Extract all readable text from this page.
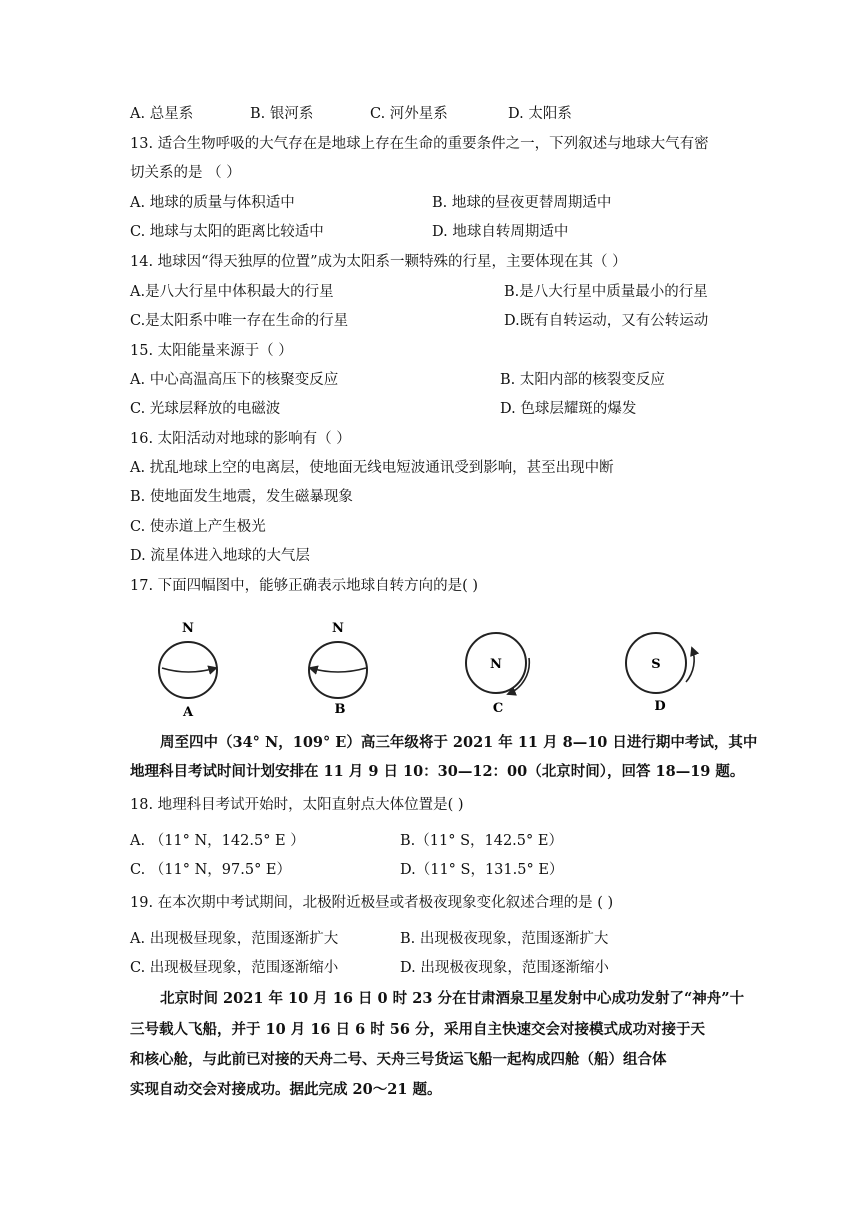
A. 总星系	B. 银河系	C. 河外星系	D. 太阳系
13. 适合生物呼吸的大气存在是地球上存在生命的重要条件之一，下列叙述与地球大气有密
切关系的是 （ ）
A. 地球的质量与体积适中	B. 地球的昼夜更替周期适中
C. 地球与太阳的距离比较适中	D. 地球自转周期适中
14. 地球因“得天独厚的位置”成为太阳系一颗特殊的行星，主要体现在其（ ）
A.是八大行星中体积最大的行星	B.是八大行星中质量最小的行星
C.是太阳系中唯一存在生命的行星	D.既有自转运动，又有公转运动
15. 太阳能量来源于（ ）
A. 中心高温高压下的核聚变反应	B. 太阳内部的核裂变反应
C. 光球层释放的电磁波	D. 色球层耀斑的爆发
16. 太阳活动对地球的影响有（ ）
A. 扰乱地球上空的电离层，使地面无线电短波通讯受到影响，甚至出现中断
B. 使地面发生地震，发生磁暴现象
C. 使赤道上产生极光
D. 流星体进入地球的大气层
17. 下面四幅图中，能够正确表示地球自转方向的是( )
N
A
N
B
N
C
S
D
周至四中（34° N，109° E）高三年级将于 2021 年 11 月 8—10 日进行期中考试，其中
地理科目考试时间计划安排在 11 月 9 日 10：30—12：00（北京时间），回答 18—19 题。
18. 地理科目考试开始时，太阳直射点大体位置是( )
A. （11° N，142.5° E ）	B.（11° S，142.5° E）
C. （11° N，97.5° E）	D.（11° S，131.5° E）
19. 在本次期中考试期间，北极附近极昼或者极夜现象变化叙述合理的是 ( )
A. 出现极昼现象，范围逐渐扩大	B. 出现极夜现象，范围逐渐扩大
C. 出现极昼现象，范围逐渐缩小	D. 出现极夜现象，范围逐渐缩小
北京时间 2021 年 10 月 16 日 0 时 23 分在甘肃酒泉卫星发射中心成功发射了“神舟”十
三号载人飞船，并于 10 月 16 日 6 时 56 分，采用自主快速交会对接模式成功对接于天
和核心舱，与此前已对接的天舟二号、天舟三号货运飞船一起构成四舱（船）组合体
实现自动交会对接成功。据此完成 20～21 题。
